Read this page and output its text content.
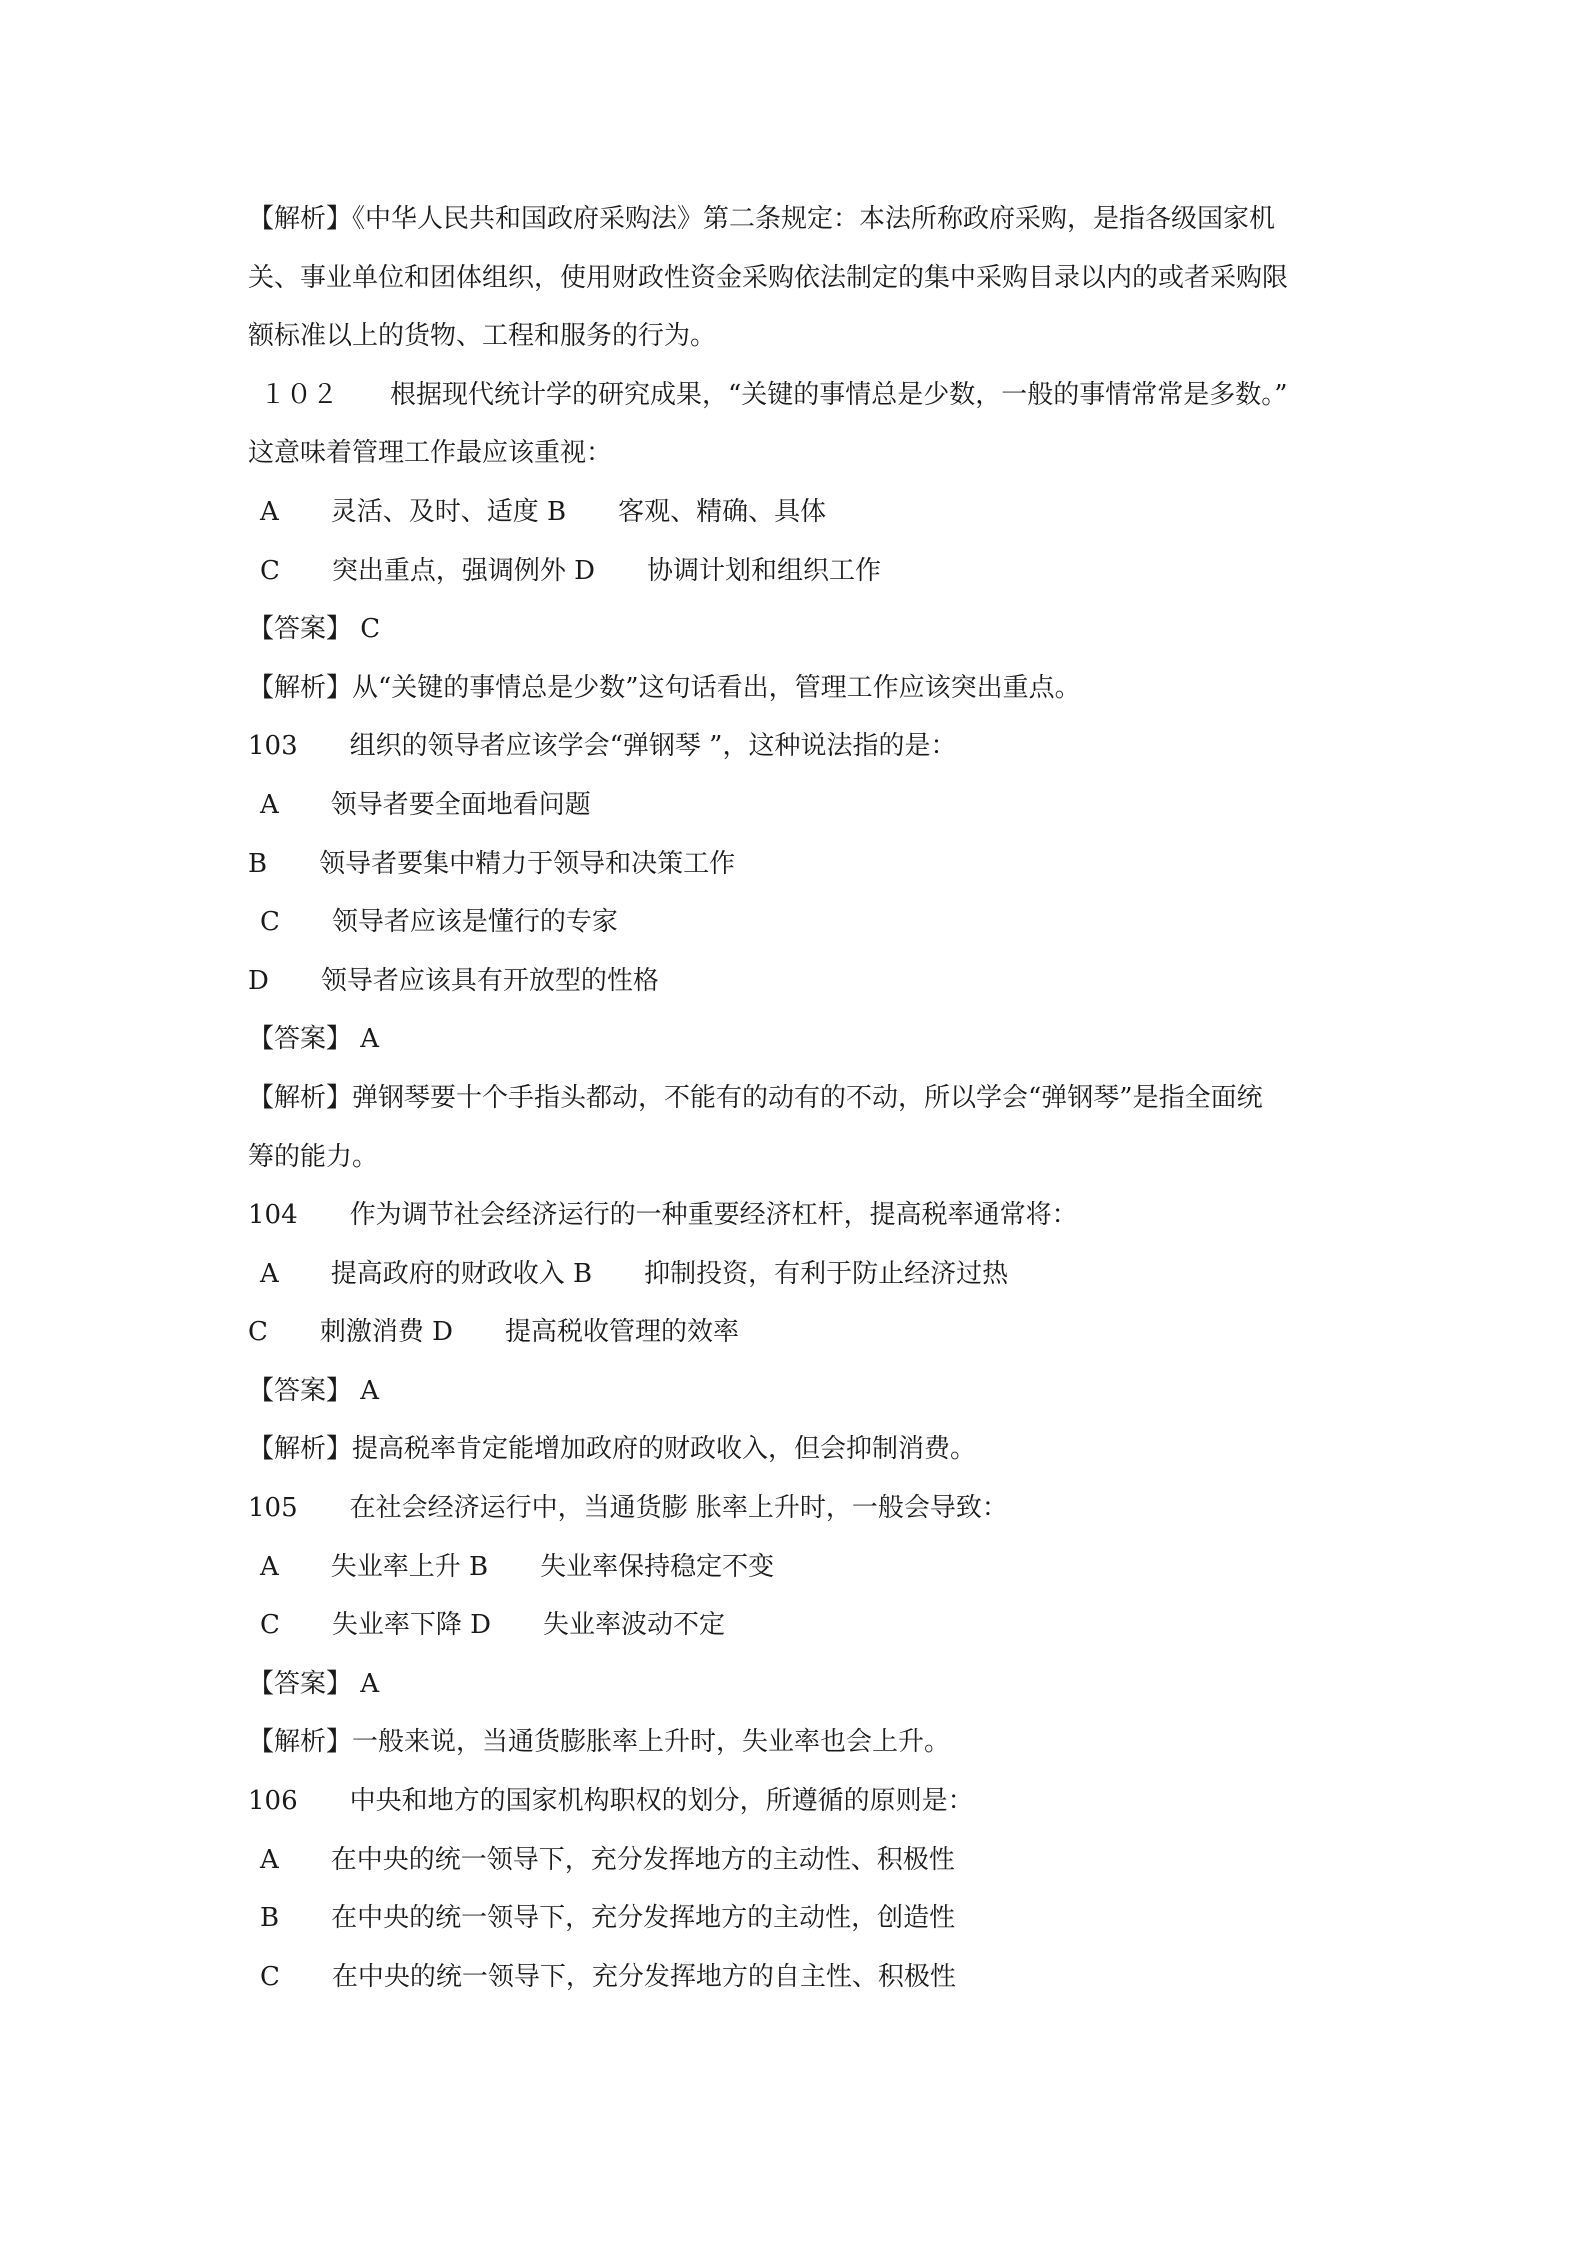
【解析】《中华人民共和国政府采购法》第二条规定：本法所称政府采购，是指各级国家机
关、事业单位和团体组织，使用财政性资金采购依法制定的集中采购目录以内的或者采购限
额标准以上的货物、工程和服务的行为。
１０２　　根据现代统计学的研究成果，“关键的事情总是少数，一般的事情常常是多数。”
这意味着管理工作最应该重视：
A　　灵活、及时、适度 B　　客观、精确、具体
C　　突出重点，强调例外 D　　协调计划和组织工作
【答案】 C
【解析】从“关键的事情总是少数”这句话看出，管理工作应该突出重点。
103　　组织的领导者应该学会“弹钢琴 ”，这种说法指的是：
A　　领导者要全面地看问题
B　　领导者要集中精力于领导和决策工作
C　　领导者应该是懂行的专家
D　　领导者应该具有开放型的性格
【答案】 A
【解析】弹钢琴要十个手指头都动，不能有的动有的不动，所以学会“弹钢琴”是指全面统
筹的能力。
104　　作为调节社会经济运行的一种重要经济杠杆，提高税率通常将：
A　　提高政府的财政收入 B　　抑制投资，有利于防止经济过热
C　　刺激消费 D　　提高税收管理的效率
【答案】 A
【解析】提高税率肯定能增加政府的财政收入，但会抑制消费。
105　　在社会经济运行中，当通货膨 胀率上升时，一般会导致：
A　　失业率上升 B　　失业率保持稳定不变
C　　失业率下降 D　　失业率波动不定
【答案】 A
【解析】一般来说，当通货膨胀率上升时，失业率也会上升。
106　　中央和地方的国家机构职权的划分，所遵循的原则是：
A　　在中央的统一领导下，充分发挥地方的主动性、积极性
B　　在中央的统一领导下，充分发挥地方的主动性，创造性
C　　在中央的统一领导下，充分发挥地方的自主性、积极性
